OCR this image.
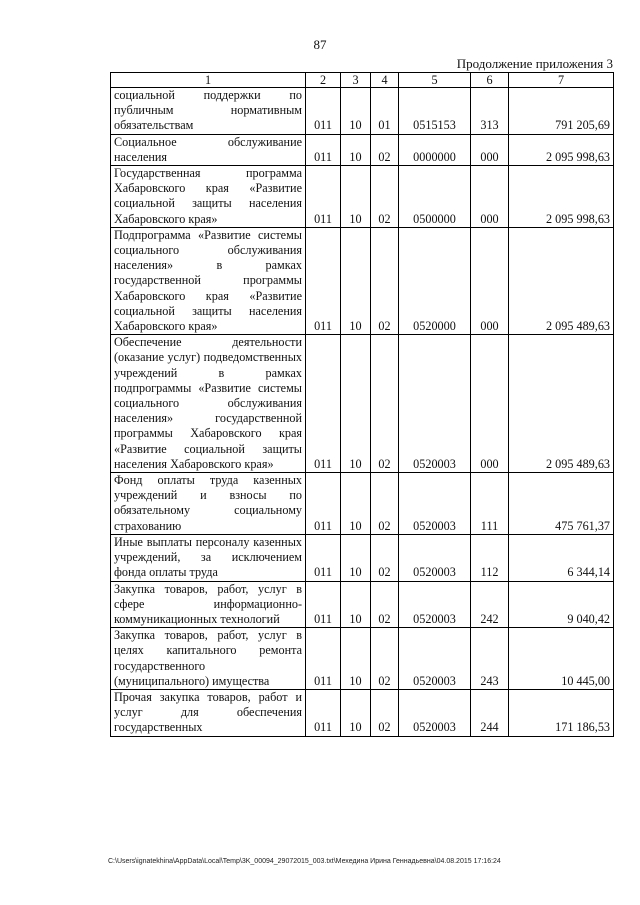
87
Продолжение приложения 3
1	2	3	4	5	6	7
социальной поддержки по публичным нормативным обязательствам	011	10	01	0515153	313	791 205,69
Социальное обслуживание населения	011	10	02	0000000	000	2 095 998,63
Государственная программа Хабаровского края «Развитие социальной защиты населения Хабаровского края»	011	10	02	0500000	000	2 095 998,63
Подпрограмма «Развитие системы социального обслуживания населения» в рамках государственной программы Хабаровского края «Развитие социальной защиты населения Хабаровского края»	011	10	02	0520000	000	2 095 489,63
Обеспечение деятельности (оказание услуг) подведомственных учреждений в рамках подпрограммы «Развитие системы социального обслуживания населения» государственной программы Хабаровского края «Развитие социальной защиты населения Хабаровского края»	011	10	02	0520003	000	2 095 489,63
Фонд оплаты труда казенных учреждений и взносы по обязательному социальному страхованию	011	10	02	0520003	111	475 761,37
Иные выплаты персоналу казенных учреждений, за исключением фонда оплаты труда	011	10	02	0520003	112	6 344,14
Закупка товаров, работ, услуг в сфере информационно-коммуникационных технологий	011	10	02	0520003	242	9 040,42
Закупка товаров, работ, услуг в целях капитального ремонта государственного (муниципального) имущества	011	10	02	0520003	243	10 445,00
Прочая закупка товаров, работ и услуг для обеспечения государственных	011	10	02	0520003	244	171 186,53
C:\Users\ignatekhina\AppData\Local\Temp\3K_00094_29072015_003.txt\Мехедина Ирина Геннадьевна\04.08.2015 17:16:24
